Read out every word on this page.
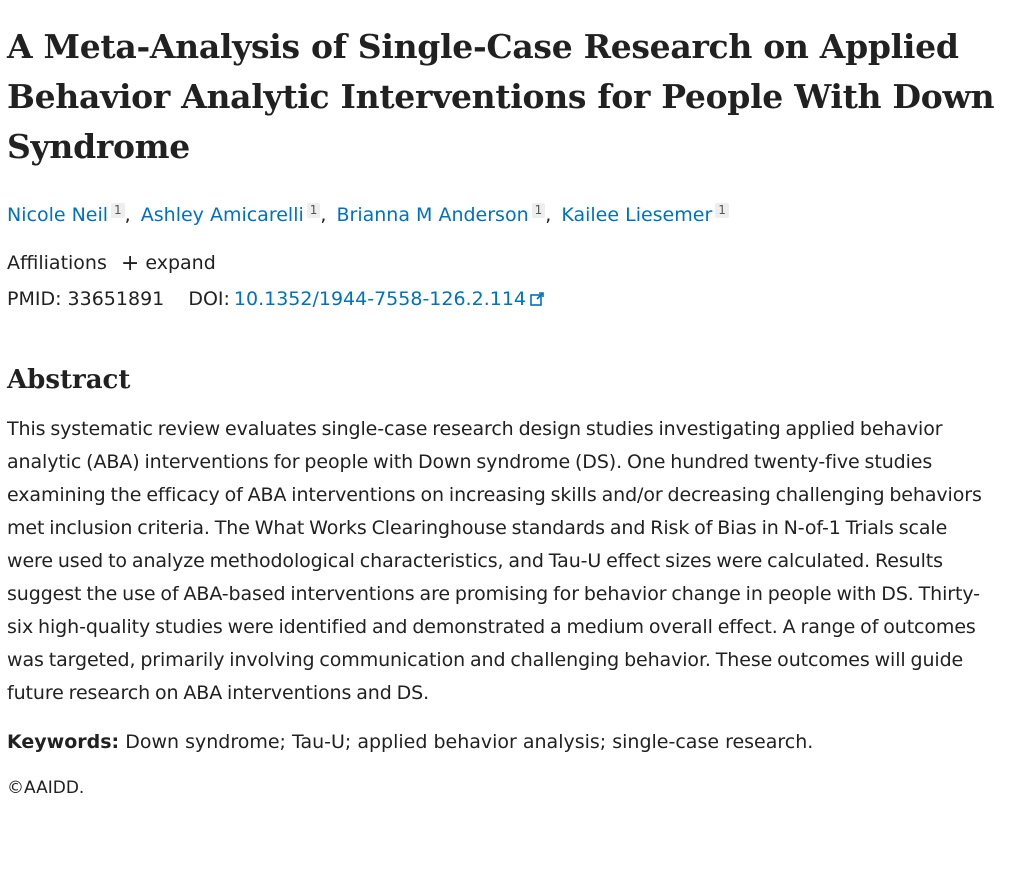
A Meta-Analysis of Single-Case Research on Applied Behavior Analytic Interventions for People With Down Syndrome
Nicole Neil 1 , Ashley Amicarelli 1 , Brianna M Anderson 1 , Kailee Liesemer 1
Affiliations + expand
PMID: 33651891 DOI: 10.1352/1944-7558-126.2.114
Abstract
This systematic review evaluates single-case research design studies investigating applied behavior analytic (ABA) interventions for people with Down syndrome (DS). One hundred twenty-five studies examining the efficacy of ABA interventions on increasing skills and/or decreasing challenging behaviors met inclusion criteria. The What Works Clearinghouse standards and Risk of Bias in N-of-1 Trials scale were used to analyze methodological characteristics, and Tau-U effect sizes were calculated. Results suggest the use of ABA-based interventions are promising for behavior change in people with DS. Thirty-six high-quality studies were identified and demonstrated a medium overall effect. A range of outcomes was targeted, primarily involving communication and challenging behavior. These outcomes will guide future research on ABA interventions and DS.
Keywords: Down syndrome; Tau-U; applied behavior analysis; single-case research.
©AAIDD.
